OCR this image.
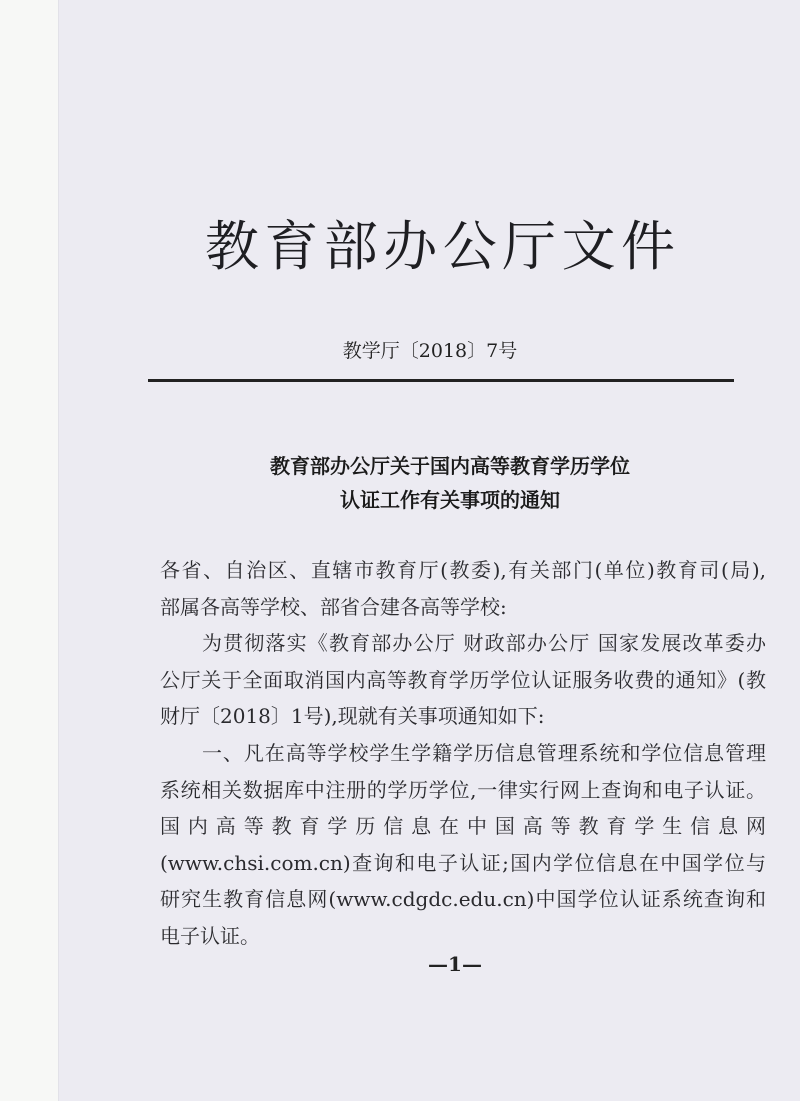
教育部办公厅文件
教学厅〔2018〕7号
教育部办公厅关于国内高等教育学历学位
认证工作有关事项的通知
各省、自治区、直辖市教育厅(教委),有关部门(单位)教育司(局),
部属各高等学校、部省合建各高等学校:
为贯彻落实《教育部办公厅 财政部办公厅 国家发展改革委办
公厅关于全面取消国内高等教育学历学位认证服务收费的通知》(教
财厅〔2018〕1号),现就有关事项通知如下:
一、凡在高等学校学生学籍学历信息管理系统和学位信息管理
系统相关数据库中注册的学历学位,一律实行网上查询和电子认证。
国 内 高 等 教 育 学 历 信 息 在 中 国 高 等 教 育 学 生 信 息 网
(www.chsi.com.cn)查询和电子认证;国内学位信息在中国学位与
研究生教育信息网(www.cdgdc.edu.cn)中国学位认证系统查询和
电子认证。
—1—
